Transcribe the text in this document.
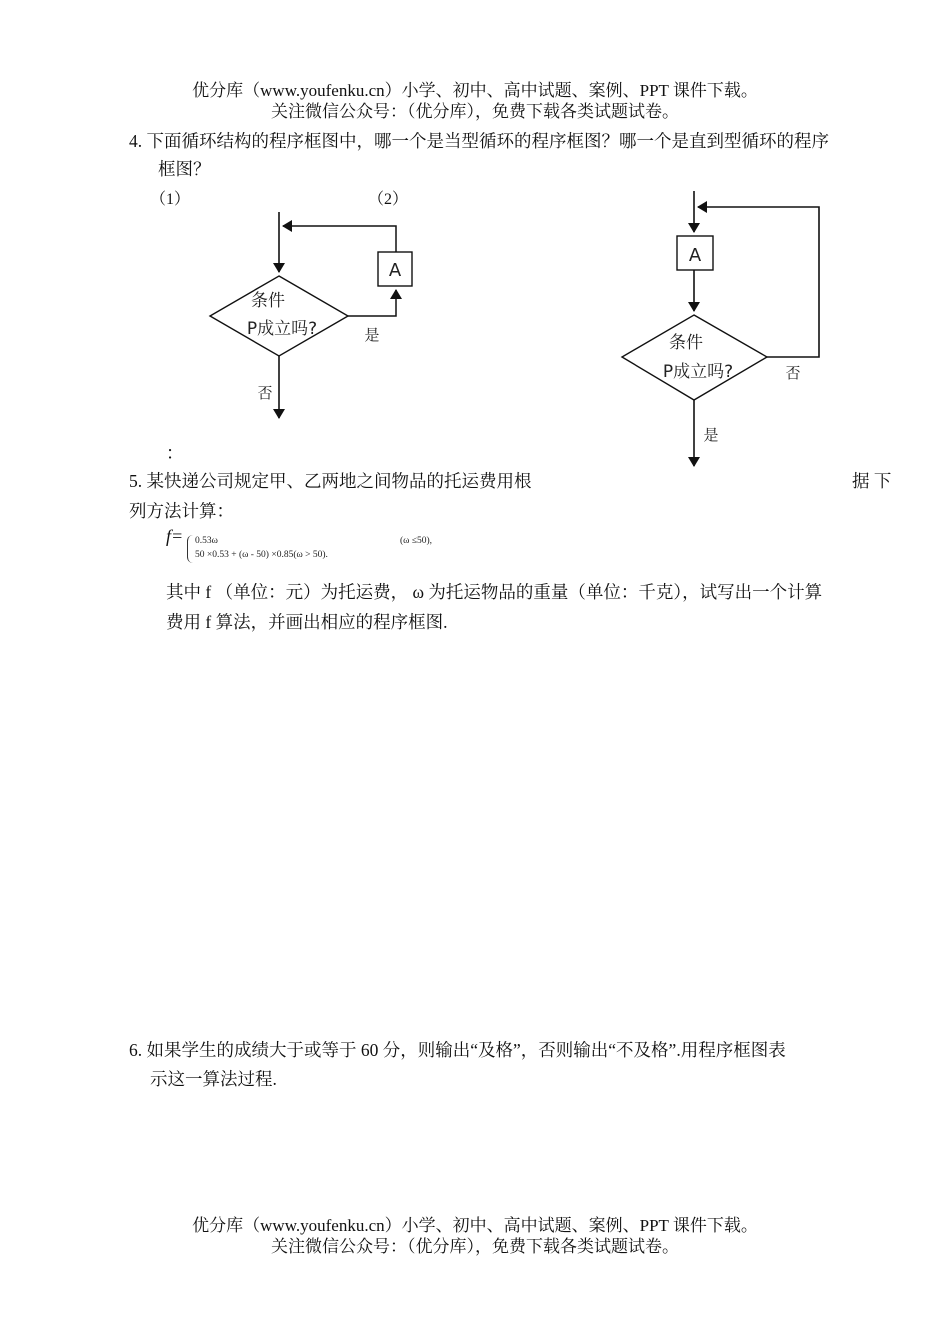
优分库（www.youfenku.cn）小学、初中、高中试题、案例、PPT 课件下载。
关注微信公众号：（优分库），免费下载各类试题试卷。
4. 下面循环结构的程序框图中，哪一个是当型循环的程序框图？哪一个是直到型循环的程序
框图？
（1）	（2）
：
条件
P成立吗?	是
A
否
A
条件
P成立吗?	否
是
5. 某快递公司规定甲、乙两地之间物品的托运费用根	据 下
列方法计算：
f= 0.53ω	(ω ≤50),
50 ×0.53 + (ω - 50) ×0.85(ω > 50).
其中 f （单位：元）为托运费， ω 为托运物品的重量（单位：千克），试写出一个计算
费用 f 算法，并画出相应的程序框图.
6. 如果学生的成绩大于或等于 60 分，则输出“及格”，否则输出“不及格”.用程序框图表
示这一算法过程.
优分库（www.youfenku.cn）小学、初中、高中试题、案例、PPT 课件下载。
关注微信公众号：（优分库），免费下载各类试题试卷。
